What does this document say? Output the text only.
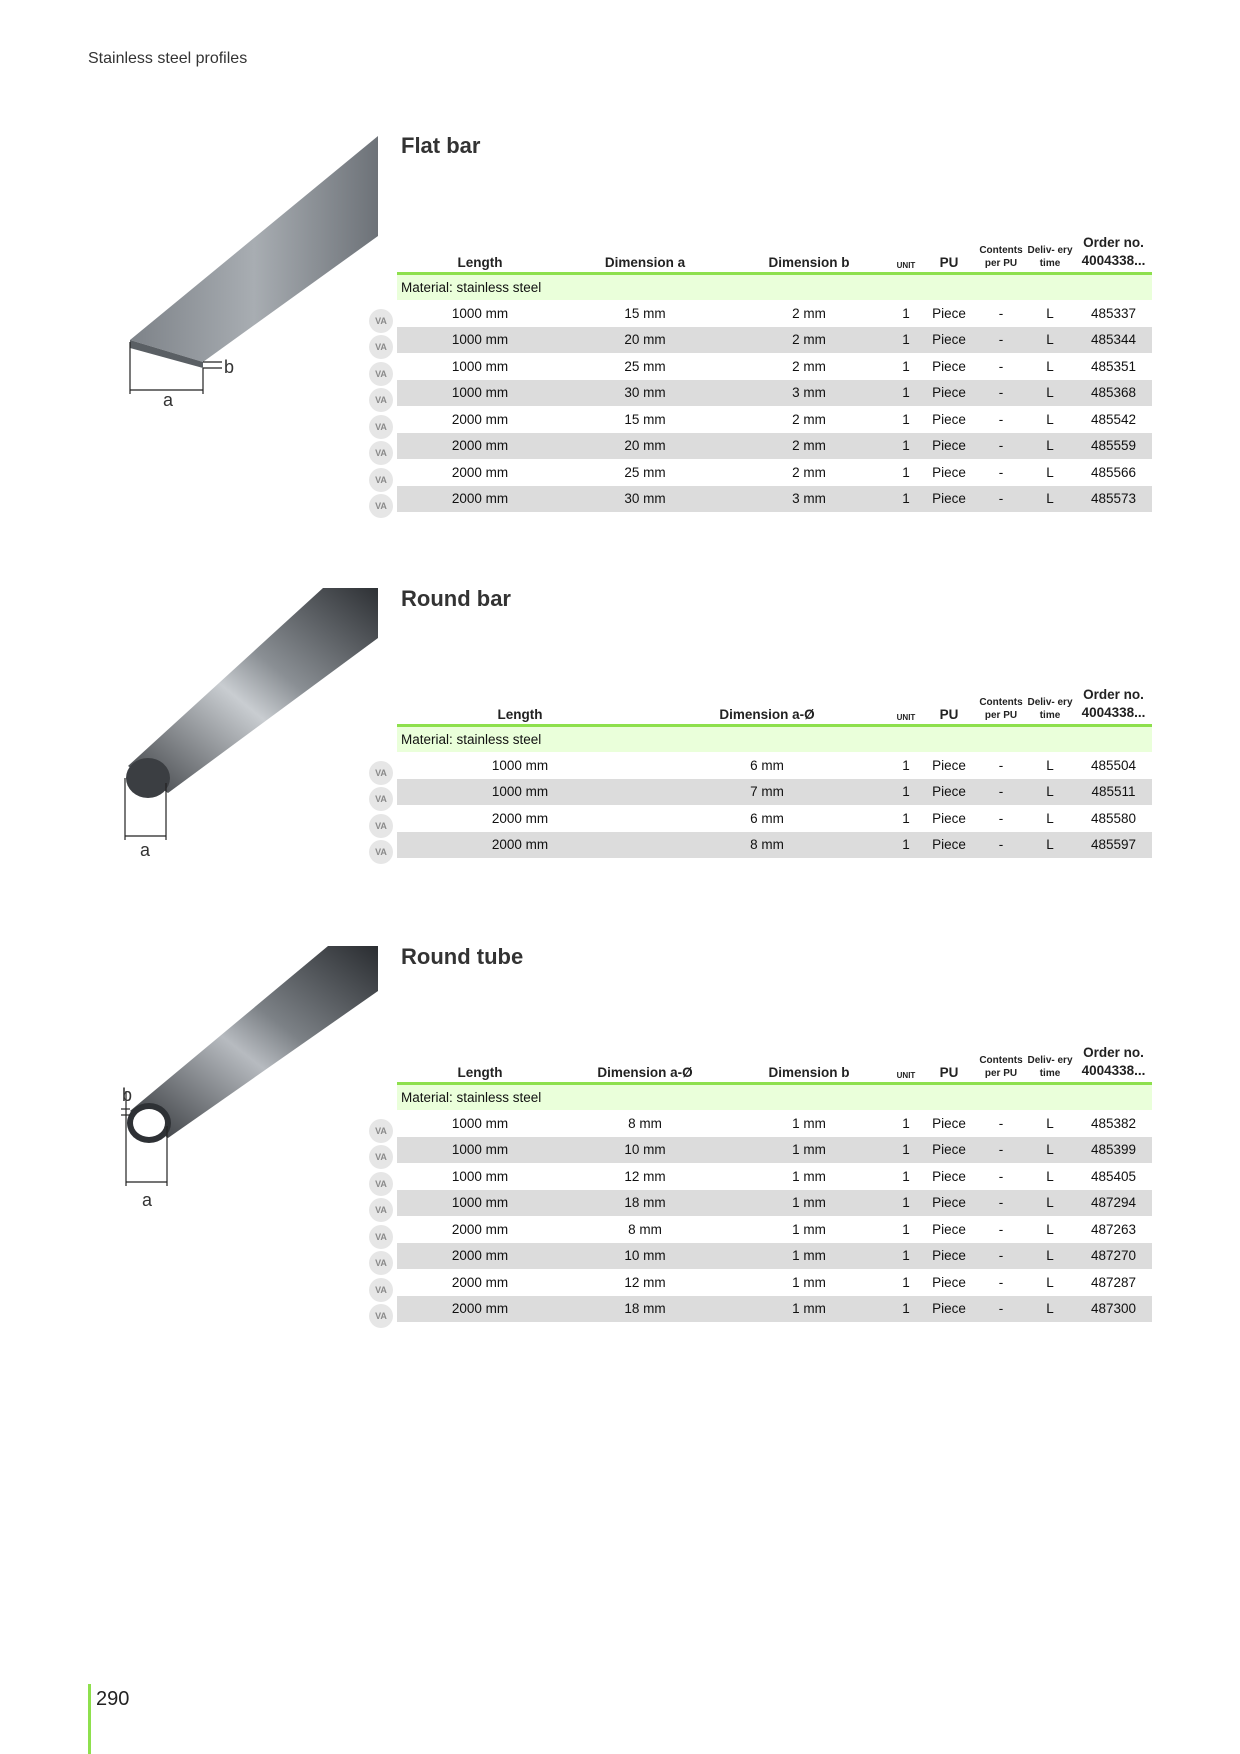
Stainless steel profiles
Flat bar
a
b
Length	Dimension a	Dimension b	UNIT	PU	Contents per PU	Deliv- ery time	Order no. 4004338...
Material: stainless steel							
1000 mm	15 mm	2 mm	1	Piece	-	L	485337
1000 mm	20 mm	2 mm	1	Piece	-	L	485344
1000 mm	25 mm	2 mm	1	Piece	-	L	485351
1000 mm	30 mm	3 mm	1	Piece	-	L	485368
2000 mm	15 mm	2 mm	1	Piece	-	L	485542
2000 mm	20 mm	2 mm	1	Piece	-	L	485559
2000 mm	25 mm	2 mm	1	Piece	-	L	485566
2000 mm	30 mm	3 mm	1	Piece	-	L	485573
Round bar
a
Length	Dimension a-Ø	UNIT	PU	Contents per PU	Deliv- ery time	Order no. 4004338...
Material: stainless steel						
1000 mm	6 mm	1	Piece	-	L	485504
1000 mm	7 mm	1	Piece	-	L	485511
2000 mm	6 mm	1	Piece	-	L	485580
2000 mm	8 mm	1	Piece	-	L	485597
Round tube
b
a
Length	Dimension a-Ø	Dimension b	UNIT	PU	Contents per PU	Deliv- ery time	Order no. 4004338...
Material: stainless steel							
1000 mm	8 mm	1 mm	1	Piece	-	L	485382
1000 mm	10 mm	1 mm	1	Piece	-	L	485399
1000 mm	12 mm	1 mm	1	Piece	-	L	485405
1000 mm	18 mm	1 mm	1	Piece	-	L	487294
2000 mm	8 mm	1 mm	1	Piece	-	L	487263
2000 mm	10 mm	1 mm	1	Piece	-	L	487270
2000 mm	12 mm	1 mm	1	Piece	-	L	487287
2000 mm	18 mm	1 mm	1	Piece	-	L	487300
290
VA
VA
VA
VA
VA
VA
VA
VA
VA
VA
VA
VA
VA
VA
VA
VA
VA
VA
VA
VA
